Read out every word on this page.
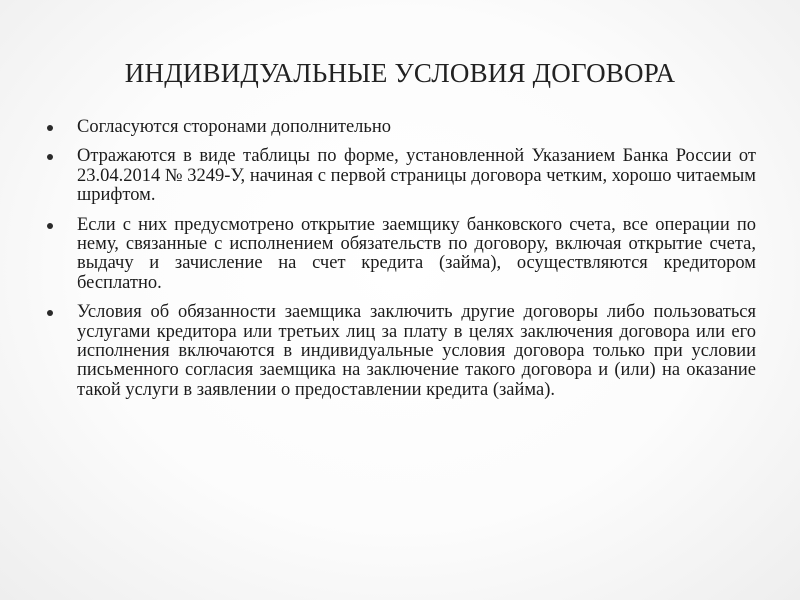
ИНДИВИДУАЛЬНЫЕ УСЛОВИЯ ДОГОВОРА
Согласуются сторонами дополнительно
Отражаются в виде таблицы по форме, установленной Указанием Банка России от 23.04.2014 № 3249-У, начиная с первой страницы договора четким, хорошо читаемым шрифтом.
Если с них предусмотрено открытие заемщику банковского счета, все операции по нему, связанные с исполнением обязательств по договору, включая открытие счета, выдачу и зачисление на счет кредита (займа), осуществляются кредитором бесплатно.
Условия об обязанности заемщика заключить другие договоры либо пользоваться услугами кредитора или третьих лиц за плату в целях заключения договора или его исполнения включаются в индивидуальные условия договора только при условии письменного согласия заемщика на заключение такого договора и (или) на оказание такой услуги в заявлении о предоставлении кредита (займа).
